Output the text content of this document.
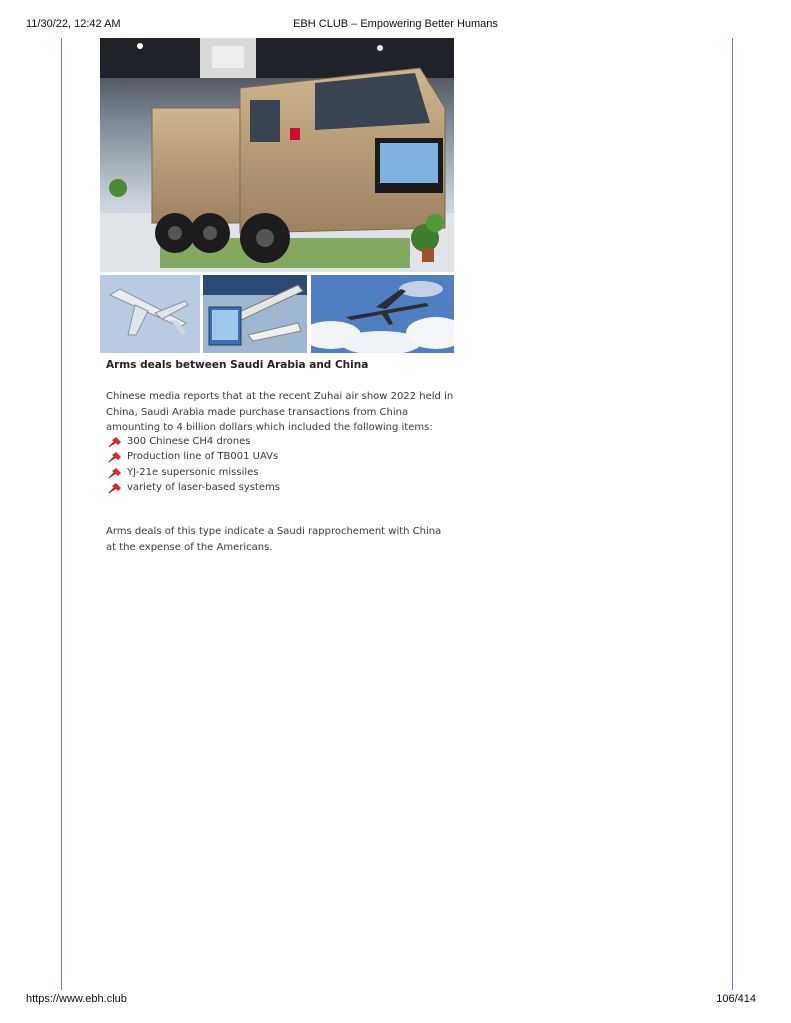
11/30/22, 12:42 AM	EBH CLUB – Empowering Better Humans
Arms deals between Saudi Arabia and China
Chinese media reports that at the recent Zuhai air show 2022 held in China, Saudi Arabia made purchase transactions from China amounting to 4 billion dollars which included the following items:
300 Chinese CH4 drones
Production line of TB001 UAVs
YJ-21e supersonic missiles
variety of laser-based systems
Arms deals of this type indicate a Saudi rapprochement with China at the expense of the Americans.
https://www.ebh.club	106/414
